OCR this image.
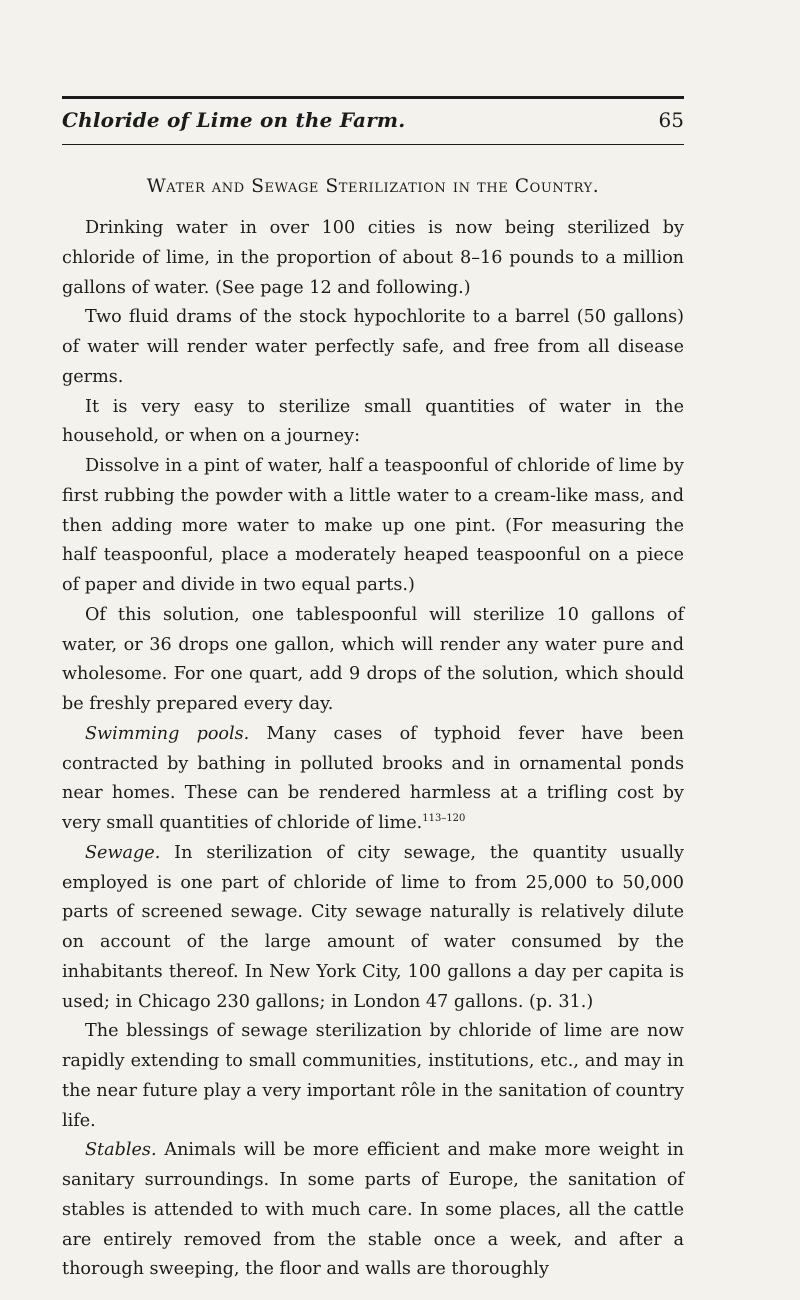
Chloride of Lime on the Farm.	65
Water and Sewage Sterilization in the Country.

Drinking water in over 100 cities is now being sterilized by chloride of lime, in the proportion of about 8–16 pounds to a million gallons of water. (See page 12 and following.)

Two fluid drams of the stock hypochlorite to a barrel (50 gallons) of water will render water perfectly safe, and free from all disease germs.

It is very easy to sterilize small quantities of water in the household, or when on a journey:

Dissolve in a pint of water, half a teaspoonful of chloride of lime by first rubbing the powder with a little water to a cream-like mass, and then adding more water to make up one pint. (For measuring the half teaspoonful, place a moderately heaped teaspoonful on a piece of paper and divide in two equal parts.)

Of this solution, one tablespoonful will sterilize 10 gallons of water, or 36 drops one gallon, which will render any water pure and wholesome. For one quart, add 9 drops of the solution, which should be freshly prepared every day.

Swimming pools. Many cases of typhoid fever have been contracted by bathing in polluted brooks and in ornamental ponds near homes. These can be rendered harmless at a trifling cost by very small quantities of chloride of lime.$^{113-120}$

Sewage. In sterilization of city sewage, the quantity usually employed is one part of chloride of lime to from 25,000 to 50,000 parts of screened sewage. City sewage naturally is relatively dilute on account of the large amount of water consumed by the inhabitants thereof. In New York City, 100 gallons a day per capita is used; in Chicago 230 gallons; in London 47 gallons. (p. 31.)

The blessings of sewage sterilization by chloride of lime are now rapidly extending to small communities, institutions, etc., and may in the near future play a very important rôle in the sanitation of country life.

Stables. Animals will be more efficient and make more weight in sanitary surroundings. In some parts of Europe, the sanitation of stables is attended to with much care. In some places, all the cattle are entirely removed from the stable once a week, and after a thorough sweeping, the floor and walls are thoroughly
